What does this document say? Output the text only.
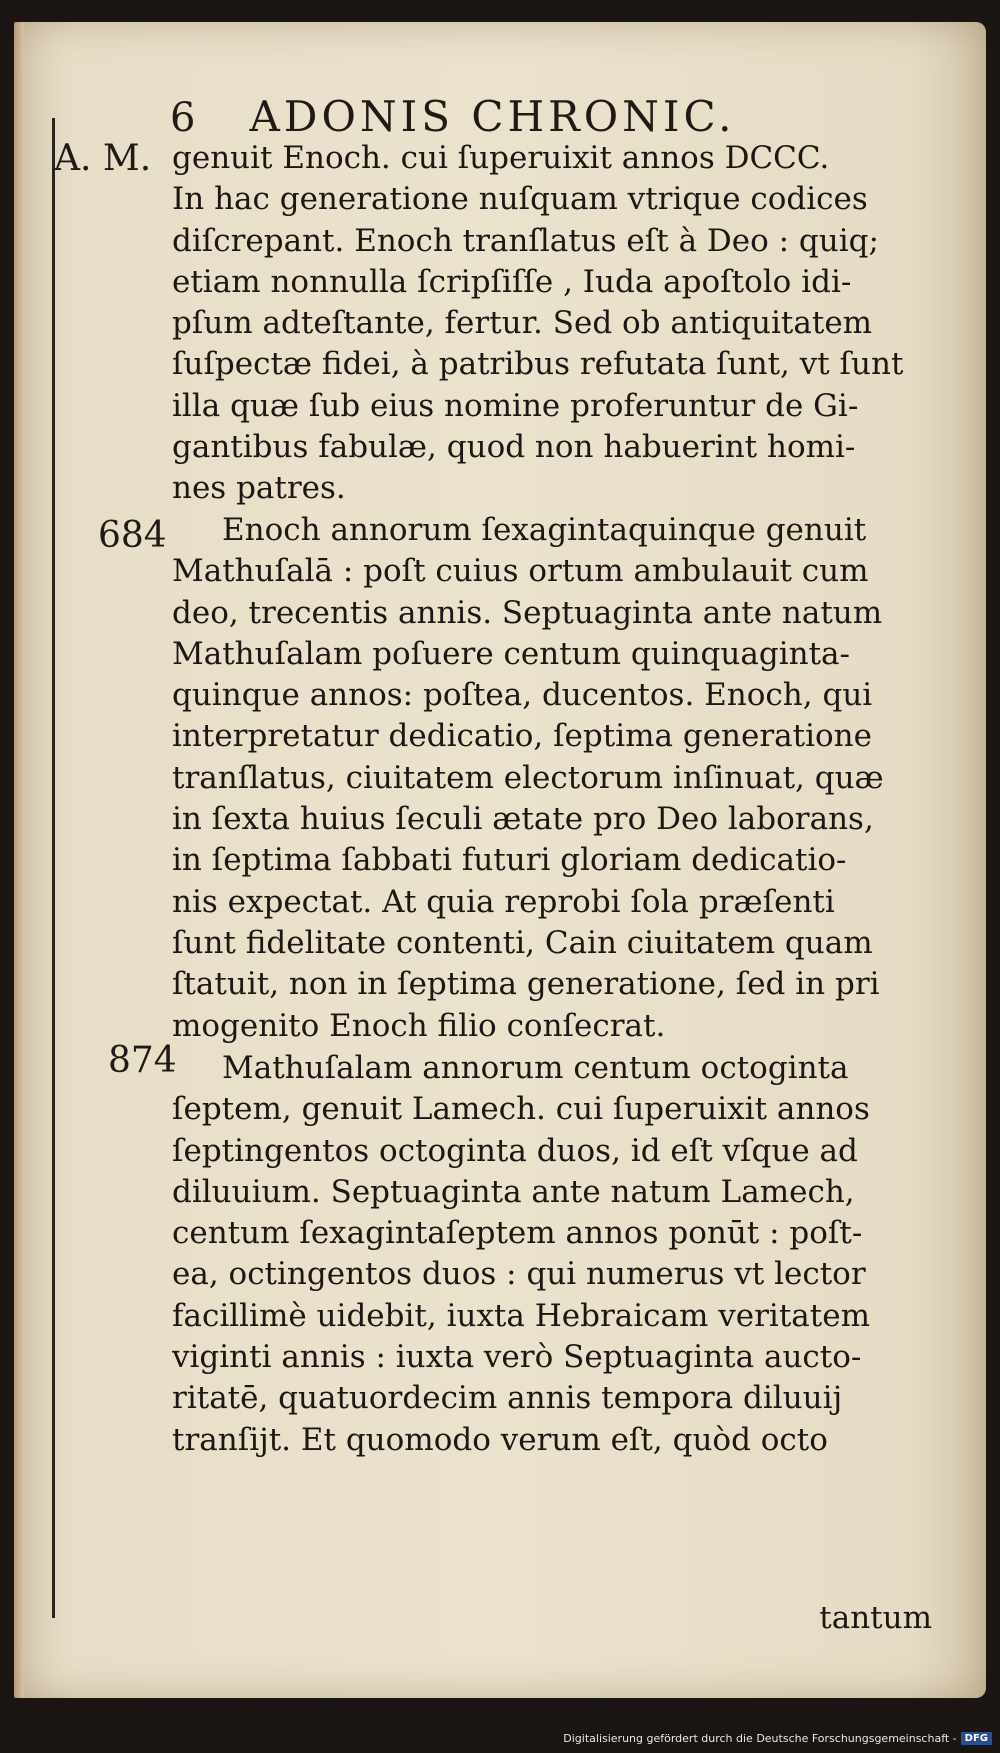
6 ADONIS CHRONIC.
A. M.
684
874
genuit Enoch. cui ſuperuixit annos DCCC.
In hac generatione nuſquam vtrique codices
diſcrepant. Enoch tranſlatus eſt à Deo : quiq;
etiam nonnulla ſcripſiſſe , Iuda apoſtolo idi-
pſum adteſtante, fertur. Sed ob antiquitatem
ſuſpectæ fidei, à patribus refutata ſunt, vt ſunt
illa quæ ſub eius nomine proferuntur de Gi-
gantibus fabulæ, quod non habuerint homi-
nes patres.
Enoch annorum ſexagintaquinque genuit
Mathuſalā : poſt cuius ortum ambulauit cum
deo, trecentis annis. Septuaginta ante natum
Mathuſalam poſuere centum quinquaginta-
quinque annos: poſtea, ducentos. Enoch, qui
interpretatur dedicatio, ſeptima generatione
tranſlatus, ciuitatem electorum inſinuat, quæ
in ſexta huius ſeculi ætate pro Deo laborans,
in ſeptima ſabbati futuri gloriam dedicatio-
nis expectat. At quia reprobi ſola præſenti
ſunt fidelitate contenti, Cain ciuitatem quam
ſtatuit, non in ſeptima generatione, ſed in pri
mogenito Enoch filio conſecrat.
Mathuſalam annorum centum octoginta
ſeptem, genuit Lamech. cui ſuperuixit annos
ſeptingentos octoginta duos, id eſt vſque ad
diluuium. Septuaginta ante natum Lamech,
centum ſexagintaſeptem annos ponūt : poſt-
ea, octingentos duos : qui numerus vt lector
facillimè uidebit, iuxta Hebraicam veritatem
viginti annis : iuxta verò Septuaginta aucto-
ritatē, quatuordecim annis tempora diluuij
tranſijt. Et quomodo verum eſt, quòd octo
tantum
Digitalisierung gefördert durch die Deutsche Forschungsgemeinschaft - DFG
